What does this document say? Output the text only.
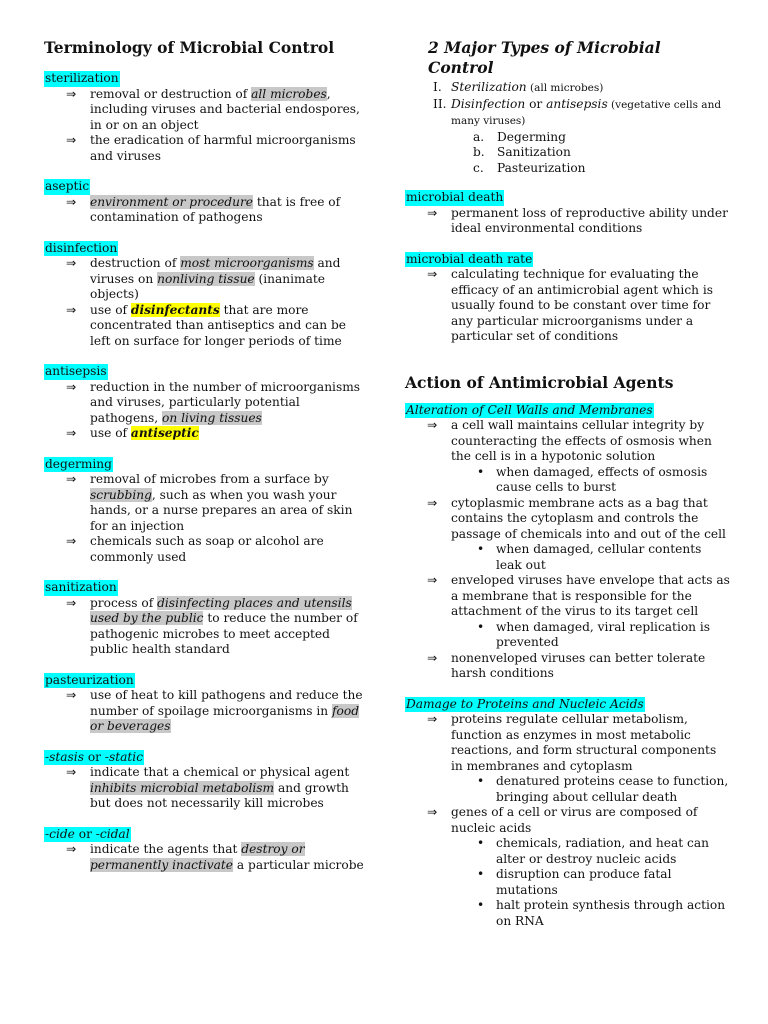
Terminology of Microbial Control
sterilization
⇒ removal or destruction of all microbes, including viruses and bacterial endospores, in or on an object
⇒ the eradication of harmful microorganisms and viruses
aseptic
⇒ environment or procedure that is free of contamination of pathogens
disinfection
⇒ destruction of most microorganisms and viruses on nonliving tissue (inanimate objects)
⇒ use of disinfectants that are more concentrated than antiseptics and can be left on surface for longer periods of time
antisepsis
⇒ reduction in the number of microorganisms and viruses, particularly potential pathogens, on living tissues
⇒ use of antiseptic
degerming
⇒ removal of microbes from a surface by scrubbing, such as when you wash your hands, or a nurse prepares an area of skin for an injection
⇒ chemicals such as soap or alcohol are commonly used
sanitization
⇒ process of disinfecting places and utensils used by the public to reduce the number of pathogenic microbes to meet accepted public health standard
pasteurization
⇒ use of heat to kill pathogens and reduce the number of spoilage microorganisms in food or beverages
-stasis or -static
⇒ indicate that a chemical or physical agent inhibits microbial metabolism and growth but does not necessarily kill microbes
-cide or -cidal
⇒ indicate the agents that destroy or permanently inactivate a particular microbe
2 Major Types of Microbial Control
I. Sterilization (all microbes)
II. Disinfection or antisepsis (vegetative cells and many viruses)
a. Degerming
b. Sanitization
c. Pasteurization
microbial death
⇒ permanent loss of reproductive ability under ideal environmental conditions
microbial death rate
⇒ calculating technique for evaluating the efficacy of an antimicrobial agent which is usually found to be constant over time for any particular microorganisms under a particular set of conditions
Action of Antimicrobial Agents
Alteration of Cell Walls and Membranes
⇒ a cell wall maintains cellular integrity by counteracting the effects of osmosis when the cell is in a hypotonic solution
• when damaged, effects of osmosis cause cells to burst
⇒ cytoplasmic membrane acts as a bag that contains the cytoplasm and controls the passage of chemicals into and out of the cell
• when damaged, cellular contents leak out
⇒ enveloped viruses have envelope that acts as a membrane that is responsible for the attachment of the virus to its target cell
• when damaged, viral replication is prevented
⇒ nonenveloped viruses can better tolerate harsh conditions
Damage to Proteins and Nucleic Acids
⇒ proteins regulate cellular metabolism, function as enzymes in most metabolic reactions, and form structural components in membranes and cytoplasm
• denatured proteins cease to function, bringing about cellular death
⇒ genes of a cell or virus are composed of nucleic acids
• chemicals, radiation, and heat can alter or destroy nucleic acids
• disruption can produce fatal mutations
• halt protein synthesis through action on RNA
